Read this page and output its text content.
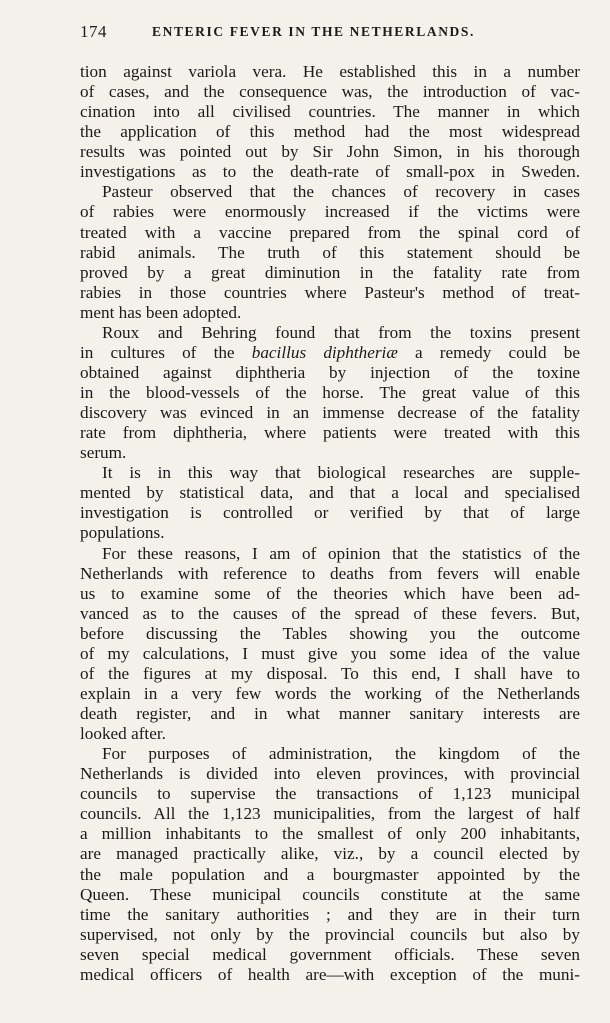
174	ENTERIC FEVER IN THE NETHERLANDS.
tion against variola vera. He established this in a number
of cases, and the consequence was, the introduction of vac-
cination into all civilised countries. The manner in which
the application of this method had the most widespread
results was pointed out by Sir John Simon, in his thorough
investigations as to the death-rate of small-pox in Sweden.
Pasteur observed that the chances of recovery in cases
of rabies were enormously increased if the victims were
treated with a vaccine prepared from the spinal cord of
rabid animals. The truth of this statement should be
proved by a great diminution in the fatality rate from
rabies in those countries where Pasteur's method of treat-
ment has been adopted.
Roux and Behring found that from the toxins present
in cultures of the bacillus diphtheriæ a remedy could be
obtained against diphtheria by injection of the toxine
in the blood-vessels of the horse. The great value of this
discovery was evinced in an immense decrease of the fatality
rate from diphtheria, where patients were treated with this
serum.
It is in this way that biological researches are supple-
mented by statistical data, and that a local and specialised
investigation is controlled or verified by that of large
populations.
For these reasons, I am of opinion that the statistics of the
Netherlands with reference to deaths from fevers will enable
us to examine some of the theories which have been ad-
vanced as to the causes of the spread of these fevers. But,
before discussing the Tables showing you the outcome
of my calculations, I must give you some idea of the value
of the figures at my disposal. To this end, I shall have to
explain in a very few words the working of the Netherlands
death register, and in what manner sanitary interests are
looked after.
For purposes of administration, the kingdom of the
Netherlands is divided into eleven provinces, with provincial
councils to supervise the transactions of 1,123 municipal
councils. All the 1,123 municipalities, from the largest of half
a million inhabitants to the smallest of only 200 inhabitants,
are managed practically alike, viz., by a council elected by
the male population and a bourgmaster appointed by the
Queen. These municipal councils constitute at the same
time the sanitary authorities ; and they are in their turn
supervised, not only by the provincial councils but also by
seven special medical government officials. These seven
medical officers of health are—with exception of the muni-
